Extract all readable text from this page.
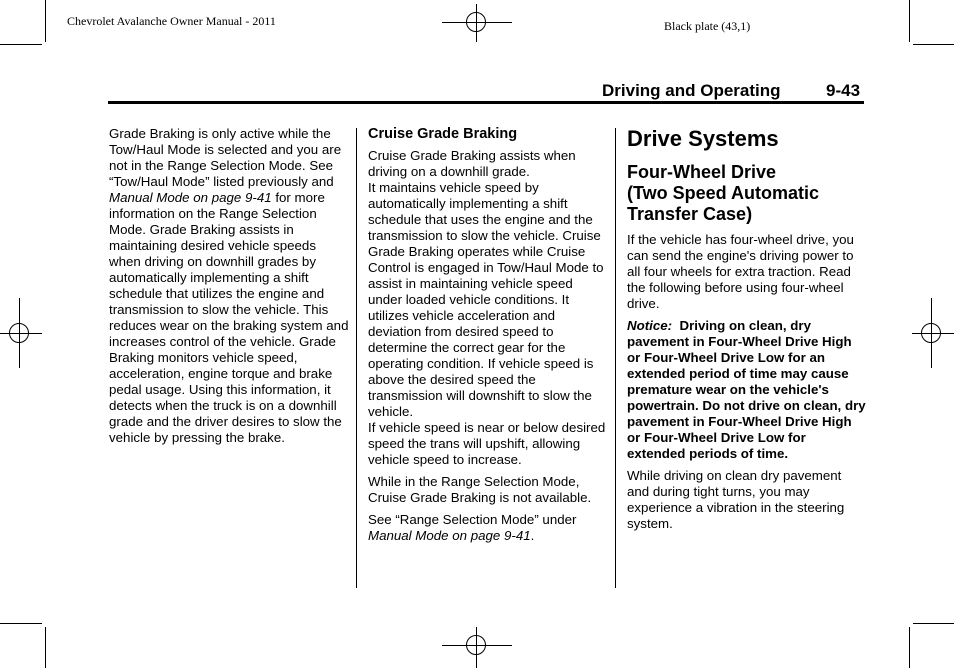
Chevrolet Avalanche Owner Manual - 2011	Black plate (43,1)
Driving and Operating	9-43

Grade Braking is only active while the Tow/Haul Mode is selected and you are not in the Range Selection Mode. See “Tow/Haul Mode” listed previously and Manual Mode on page 9-41 for more information on the Range Selection Mode. Grade Braking assists in maintaining desired vehicle speeds when driving on downhill grades by automatically implementing a shift schedule that utilizes the engine and transmission to slow the vehicle. This reduces wear on the braking system and increases control of the vehicle. Grade Braking monitors vehicle speed, acceleration, engine torque and brake pedal usage. Using this information, it detects when the truck is on a downhill grade and the driver desires to slow the vehicle by pressing the brake.

Cruise Grade Braking

Cruise Grade Braking assists when driving on a downhill grade.

It maintains vehicle speed by automatically implementing a shift schedule that uses the engine and the transmission to slow the vehicle. Cruise Grade Braking operates while Cruise Control is engaged in Tow/Haul Mode to assist in maintaining vehicle speed under loaded vehicle conditions. It utilizes vehicle acceleration and deviation from desired speed to determine the correct gear for the operating condition. If vehicle speed is above the desired speed the transmission will downshift to slow the vehicle.

If vehicle speed is near or below desired speed the trans will upshift, allowing vehicle speed to increase.

While in the Range Selection Mode, Cruise Grade Braking is not available.

See “Range Selection Mode” under Manual Mode on page 9-41.

Drive Systems
Four-Wheel Drive
(Two Speed Automatic
Transfer Case)

If the vehicle has four-wheel drive, you can send the engine's driving power to all four wheels for extra traction. Read the following before using four-wheel drive.

Notice: Driving on clean, dry pavement in Four-Wheel Drive High or Four-Wheel Drive Low for an extended period of time may cause premature wear on the vehicle's powertrain. Do not drive on clean, dry pavement in Four-Wheel Drive High or Four-Wheel Drive Low for extended periods of time.

While driving on clean dry pavement and during tight turns, you may experience a vibration in the steering system.
